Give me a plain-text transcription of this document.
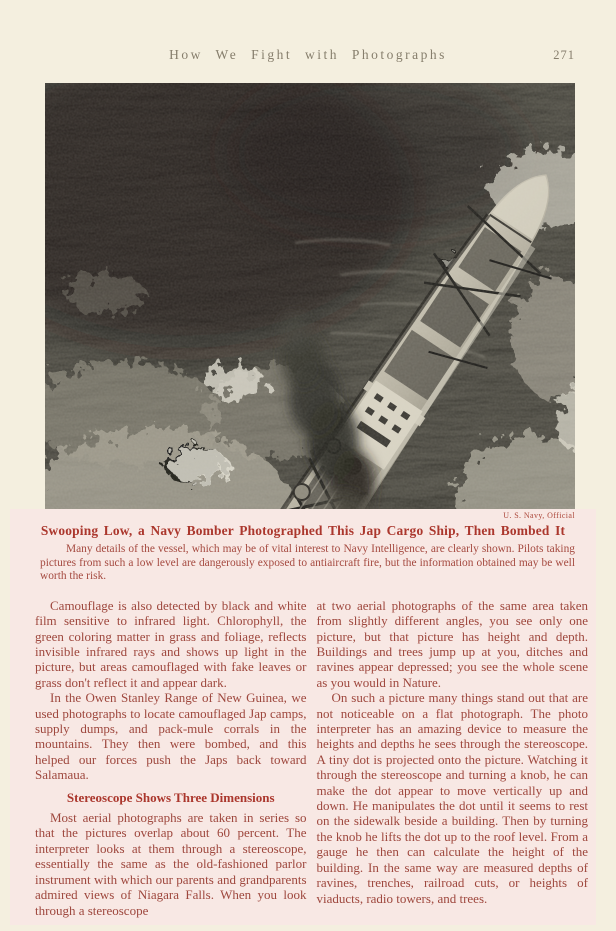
How We Fight with Photographs	271
U. S. Navy, Official
Swooping Low, a Navy Bomber Photographed This Jap Cargo Ship, Then Bombed It

Many details of the vessel, which may be of vital interest to Navy Intelligence, are clearly shown. Pilots taking pictures from such a low level are dangerously exposed to antiaircraft fire, but the information obtained may be well worth the risk.

Camouflage is also detected by black and white film sensitive to infrared light. Chlorophyll, the green coloring matter in grass and foliage, reflects invisible infrared rays and shows up light in the picture, but areas camouflaged with fake leaves or grass don't reflect it and appear dark.

In the Owen Stanley Range of New Guinea, we used photographs to locate camouflaged Jap camps, supply dumps, and pack-mule corrals in the mountains. They then were bombed, and this helped our forces push the Japs back toward Salamaua.

Stereoscope Shows Three Dimensions

Most aerial photographs are taken in series so that the pictures overlap about 60 percent. The interpreter looks at them through a stereoscope, essentially the same as the old-fashioned parlor instrument with which our parents and grandparents admired views of Niagara Falls. When you look through a stereoscope

at two aerial photographs of the same area taken from slightly different angles, you see only one picture, but that picture has height and depth. Buildings and trees jump up at you, ditches and ravines appear depressed; you see the whole scene as you would in Nature.

On such a picture many things stand out that are not noticeable on a flat photograph. The photo interpreter has an amazing device to measure the heights and depths he sees through the stereoscope. A tiny dot is projected onto the picture. Watching it through the stereoscope and turning a knob, he can make the dot appear to move vertically up and down. He manipulates the dot until it seems to rest on the sidewalk beside a building. Then by turning the knob he lifts the dot up to the roof level. From a gauge he then can calculate the height of the building. In the same way are measured depths of ravines, trenches, railroad cuts, or heights of viaducts, radio towers, and trees.
